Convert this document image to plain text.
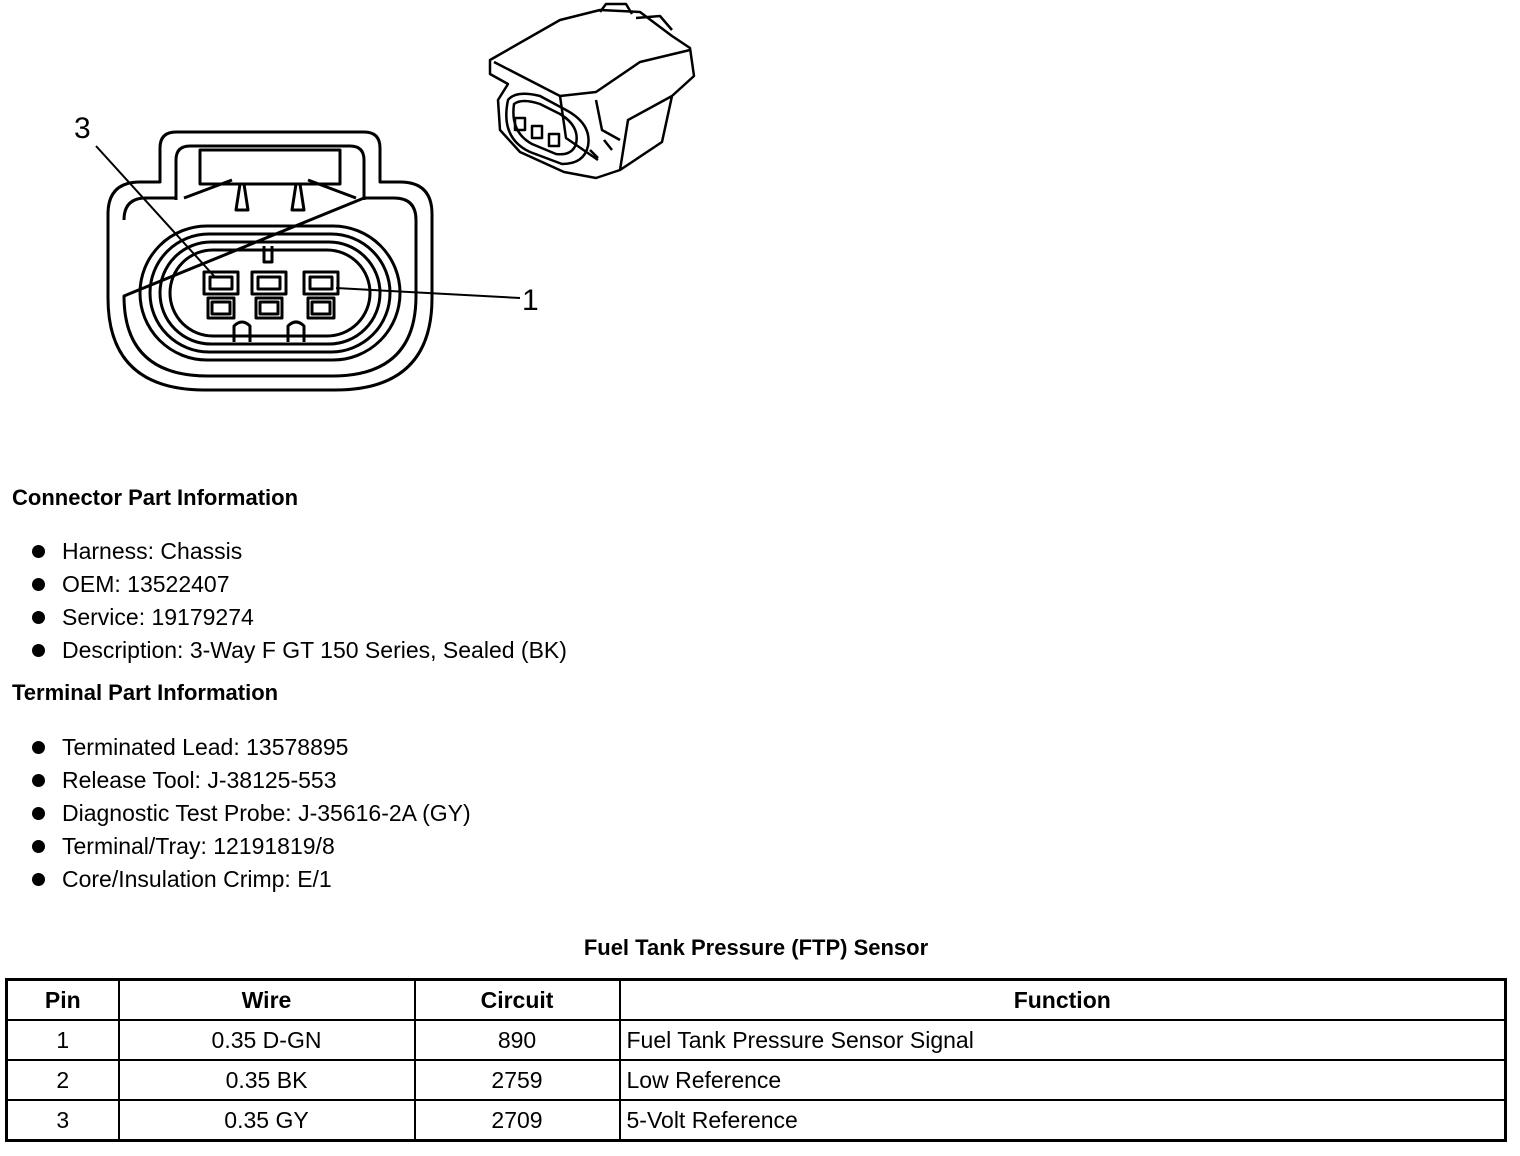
3
1
Connector Part Information
Harness: Chassis
OEM: 13522407
Service: 19179274
Description: 3-Way F GT 150 Series, Sealed (BK)
Terminal Part Information
Terminated Lead: 13578895
Release Tool: J-38125-553
Diagnostic Test Probe: J-35616-2A (GY)
Terminal/Tray: 12191819/8
Core/Insulation Crimp: E/1
Fuel Tank Pressure (FTP) Sensor
Pin	Wire	Circuit	Function
1	0.35 D-GN	890	Fuel Tank Pressure Sensor Signal
2	0.35 BK	2759	Low Reference
3	0.35 GY	2709	5-Volt Reference
